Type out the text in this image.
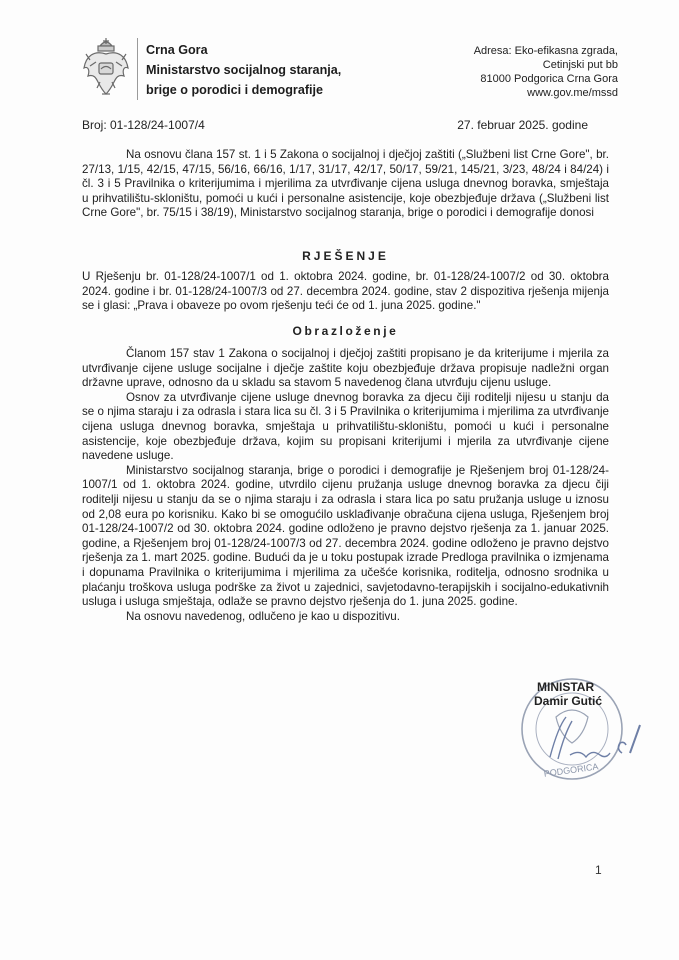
Crna Gora
Ministarstvo socijalnog staranja,
brige o porodici i demografije
Adresa: Eko-efikasna zgrada,
Cetinjski put bb
81000 Podgorica Crna Gora
www.gov.me/mssd
Broj: 01-128/24-1007/4	27. februar 2025. godine

Na osnovu člana 157 st. 1 i 5 Zakona o socijalnoj i dječjoj zaštiti („Službeni list Crne Gore", br. 27/13, 1/15, 42/15, 47/15, 56/16, 66/16, 1/17, 31/17, 42/17, 50/17, 59/21, 145/21, 3/23, 48/24 i 84/24) i čl. 3 i 5 Pravilnika o kriterijumima i mjerilima za utvrđivanje cijena usluga dnevnog boravka, smještaja u prihvatilištu-skloništu, pomoći u kući i personalne asistencije, koje obezbjeđuje država („Službeni list Crne Gore", br. 75/15 i 38/19), Ministarstvo socijalnog staranja, brige o porodici i demografije donosi

RJEŠENJE

U Rješenju br. 01-128/24-1007/1 od 1. oktobra 2024. godine, br. 01-128/24-1007/2 od 30. oktobra 2024. godine i br. 01-128/24-1007/3 od 27. decembra 2024. godine, stav 2 dispozitiva rješenja mijenja se i glasi: „Prava i obaveze po ovom rješenju teći će od 1. juna 2025. godine."

Obrazloženje

Članom 157 stav 1 Zakona o socijalnoj i dječjoj zaštiti propisano je da kriterijume i mjerila za utvrđivanje cijene usluge socijalne i dječje zaštite koju obezbjeđuje država propisuje nadležni organ državne uprave, odnosno da u skladu sa stavom 5 navedenog člana utvrđuju cijenu usluge.

Osnov za utvrđivanje cijene usluge dnevnog boravka za djecu čiji roditelji nijesu u stanju da se o njima staraju i za odrasla i stara lica su čl. 3 i 5 Pravilnika o kriterijumima i mjerilima za utvrđivanje cijena usluga dnevnog boravka, smještaja u prihvatilištu-skloništu, pomoći u kući i personalne asistencije, koje obezbjeđuje država, kojim su propisani kriterijumi i mjerila za utvrđivanje cijene navedene usluge.

Ministarstvo socijalnog staranja, brige o porodici i demografije je Rješenjem broj 01-128/24-1007/1 od 1. oktobra 2024. godine, utvrdilo cijenu pružanja usluge dnevnog boravka za djecu čiji roditelji nijesu u stanju da se o njima staraju i za odrasla i stara lica po satu pružanja usluge u iznosu od 2,08 eura po korisniku. Kako bi se omogućilo usklađivanje obračuna cijena usluga, Rješenjem broj 01-128/24-1007/2 od 30. oktobra 2024. godine odloženo je pravno dejstvo rješenja za 1. januar 2025. godine, a Rješenjem broj 01-128/24-1007/3 od 27. decembra 2024. godine odloženo je pravno dejstvo rješenja za 1. mart 2025. godine. Budući da je u toku postupak izrade Predloga pravilnika o izmjenama i dopunama Pravilnika o kriterijumima i mjerilima za učešće korisnika, roditelja, odnosno srodnika u plaćanju troškova usluga podrške za život u zajednici, savjetodavno-terapijskih i socijalno-edukativnih usluga i usluga smještaja, odlaže se pravno dejstvo rješenja do 1. juna 2025. godine.

Na osnovu navedenog, odlučeno je kao u dispozitivu.

PODGORICA
MINISTAR
Damir Gutić
1
